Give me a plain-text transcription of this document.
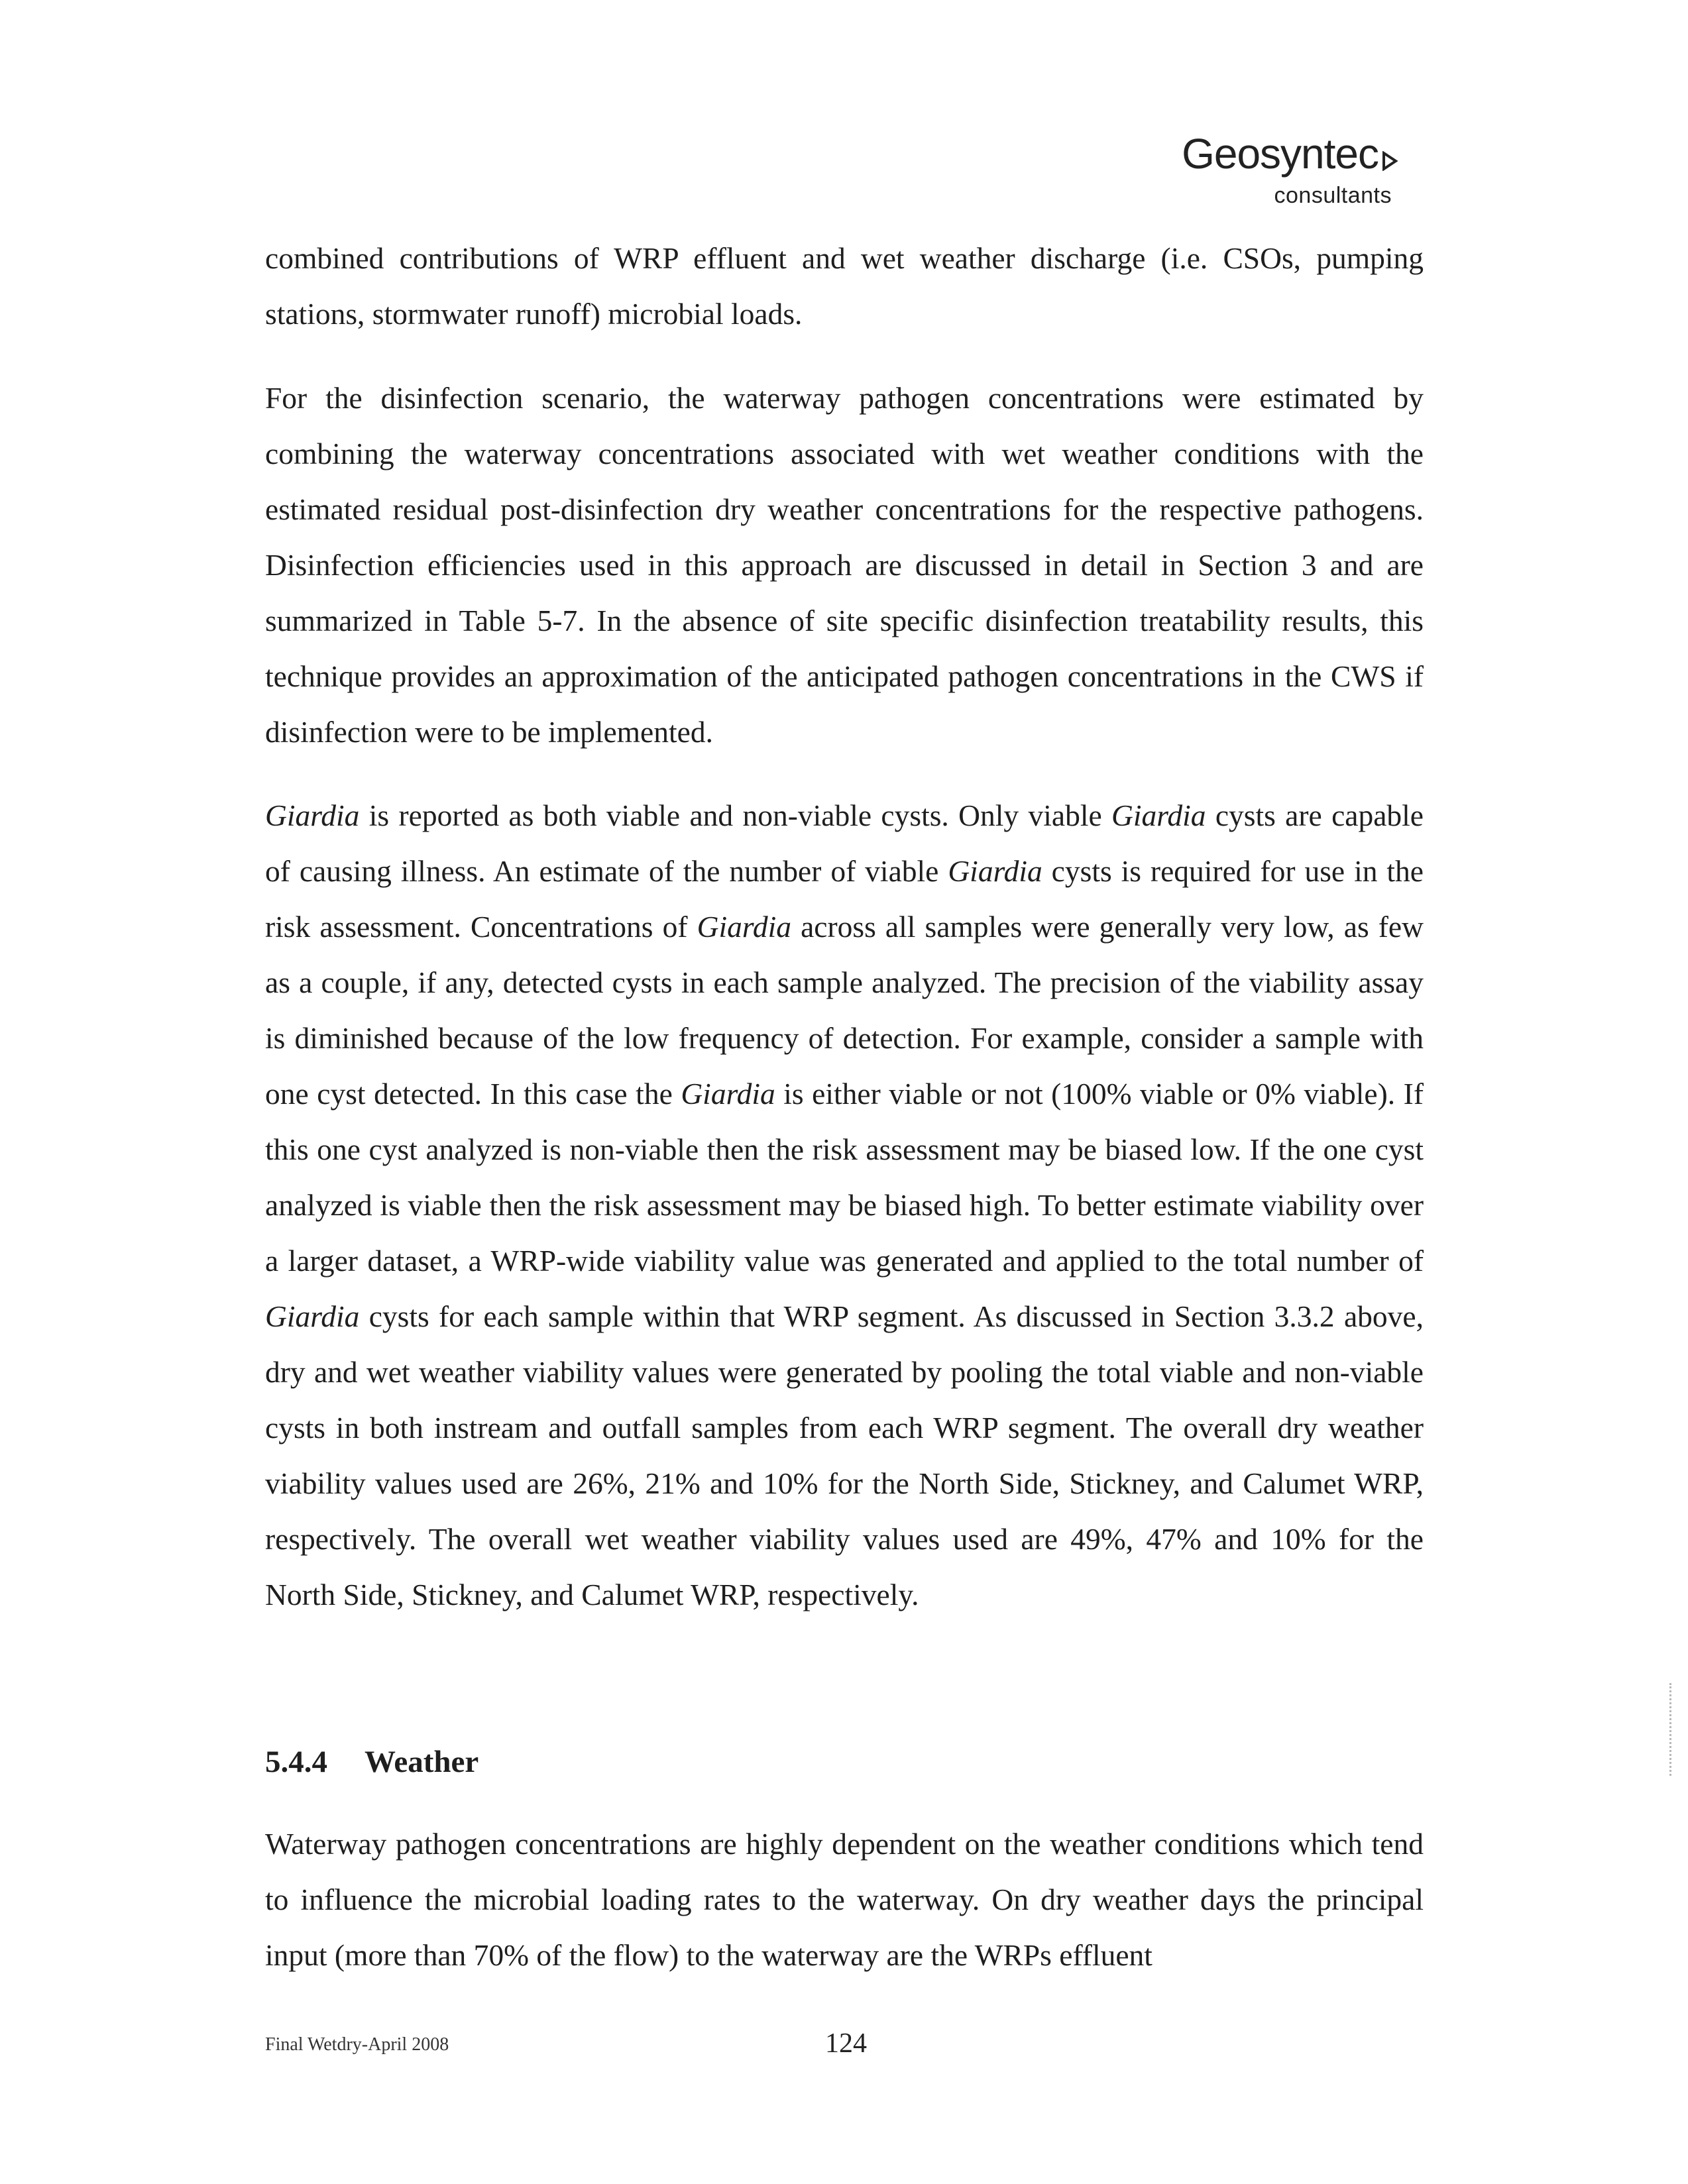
Geosyntec
consultants

combined contributions of WRP effluent and wet weather discharge (i.e. CSOs, pumping stations, stormwater runoff) microbial loads.

For the disinfection scenario, the waterway pathogen concentrations were estimated by combining the waterway concentrations associated with wet weather conditions with the estimated residual post-disinfection dry weather concentrations for the respective pathogens. Disinfection efficiencies used in this approach are discussed in detail in Section 3 and are summarized in Table 5-7. In the absence of site specific disinfection treatability results, this technique provides an approximation of the anticipated pathogen concentrations in the CWS if disinfection were to be implemented.

Giardia is reported as both viable and non-viable cysts. Only viable Giardia cysts are capable of causing illness. An estimate of the number of viable Giardia cysts is required for use in the risk assessment. Concentrations of Giardia across all samples were generally very low, as few as a couple, if any, detected cysts in each sample analyzed. The precision of the viability assay is diminished because of the low frequency of detection. For example, consider a sample with one cyst detected. In this case the Giardia is either viable or not (100% viable or 0% viable). If this one cyst analyzed is non-viable then the risk assessment may be biased low. If the one cyst analyzed is viable then the risk assessment may be biased high. To better estimate viability over a larger dataset, a WRP-wide viability value was generated and applied to the total number of Giardia cysts for each sample within that WRP segment. As discussed in Section 3.3.2 above, dry and wet weather viability values were generated by pooling the total viable and non-viable cysts in both instream and outfall samples from each WRP segment. The overall dry weather viability values used are 26%, 21% and 10% for the North Side, Stickney, and Calumet WRP, respectively. The overall wet weather viability values used are 49%, 47% and 10% for the North Side, Stickney, and Calumet WRP, respectively.

5.4.4 Weather

Waterway pathogen concentrations are highly dependent on the weather conditions which tend to influence the microbial loading rates to the waterway. On dry weather days the principal input (more than 70% of the flow) to the waterway are the WRPs effluent

Final Wetdry-April 2008	124
